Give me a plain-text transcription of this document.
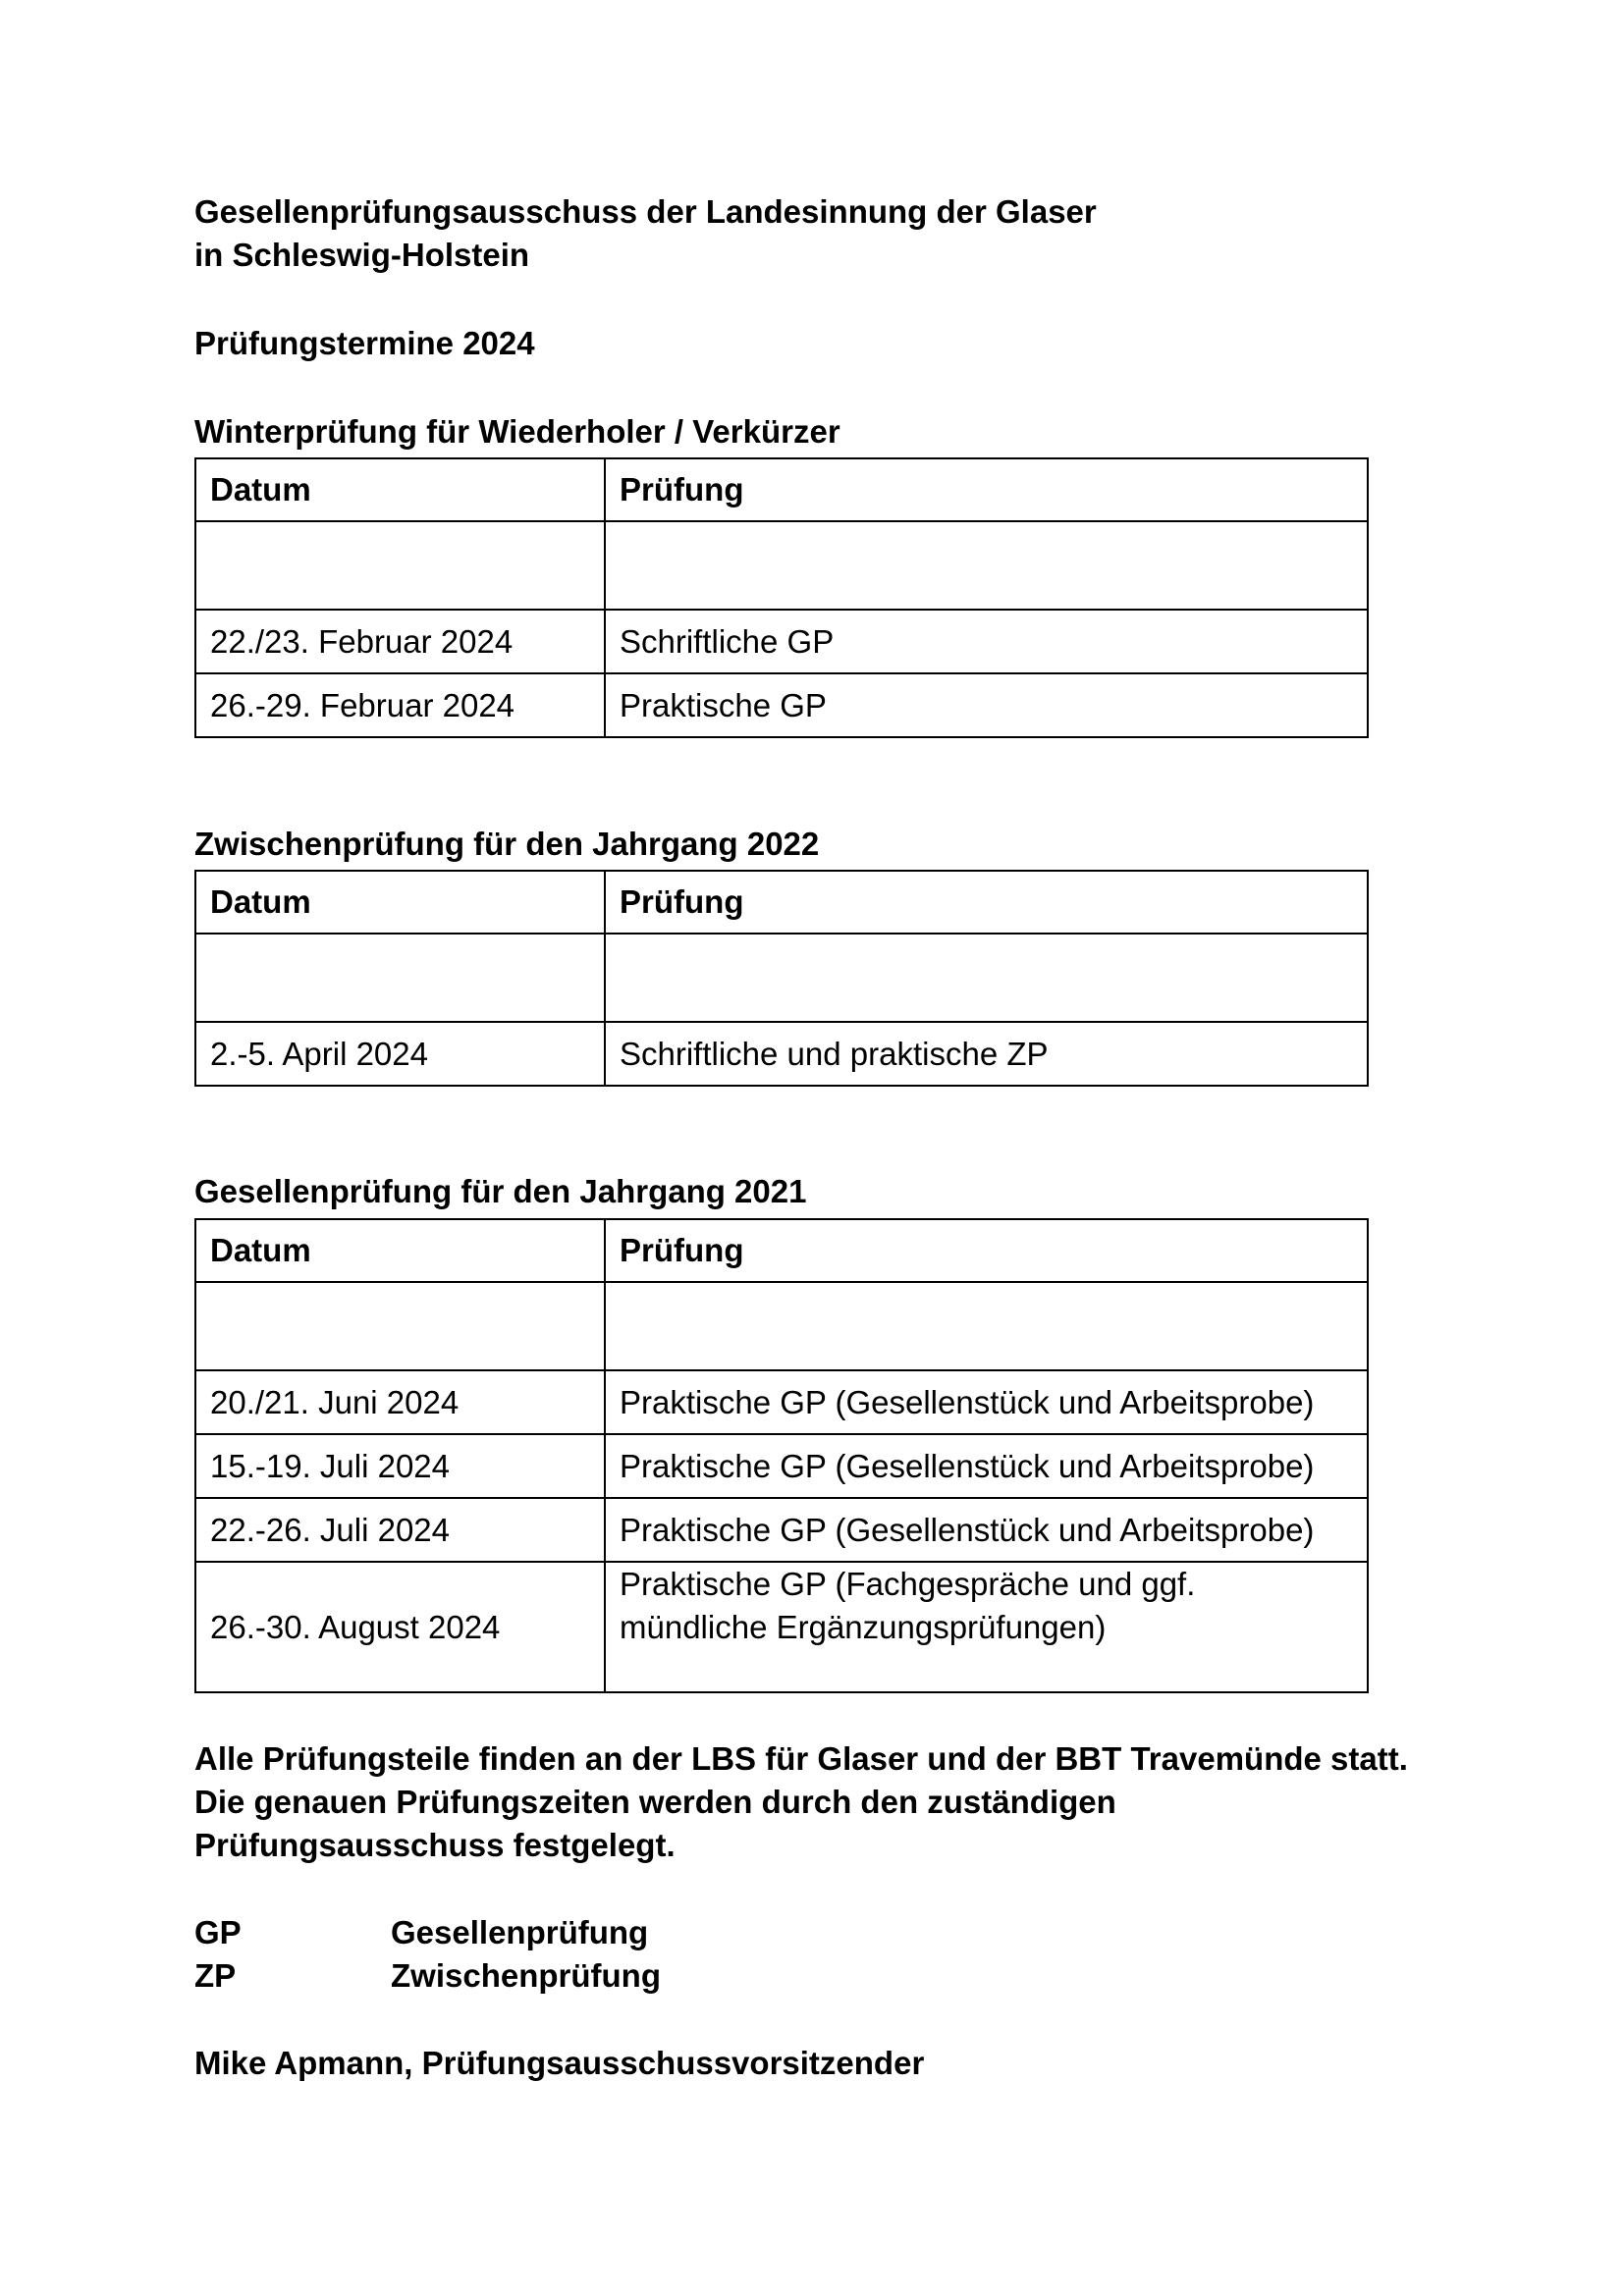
Gesellenprüfungsausschuss der Landesinnung der Glaser
in Schleswig-Holstein
Prüfungstermine 2024
Winterprüfung für Wiederholer / Verkürzer
Datum	Prüfung

22./23. Februar 2024	Schriftliche GP
26.-29. Februar 2024	Praktische GP
Zwischenprüfung für den Jahrgang 2022
Datum	Prüfung

2.-5. April 2024	Schriftliche und praktische ZP
Gesellenprüfung für den Jahrgang 2021
Datum	Prüfung

20./21. Juni 2024	Praktische GP (Gesellenstück und Arbeitsprobe)
15.-19. Juli 2024	Praktische GP (Gesellenstück und Arbeitsprobe)
22.-26. Juli 2024	Praktische GP (Gesellenstück und Arbeitsprobe)
26.-30. August 2024	Praktische GP (Fachgespräche und ggf.
mündliche Ergänzungsprüfungen)
Alle Prüfungsteile finden an der LBS für Glaser und der BBT Travemünde statt.
Die genauen Prüfungszeiten werden durch den zuständigen
Prüfungsausschuss festgelegt.
GP	Gesellenprüfung
ZP	Zwischenprüfung
Mike Apmann, Prüfungsausschussvorsitzender
